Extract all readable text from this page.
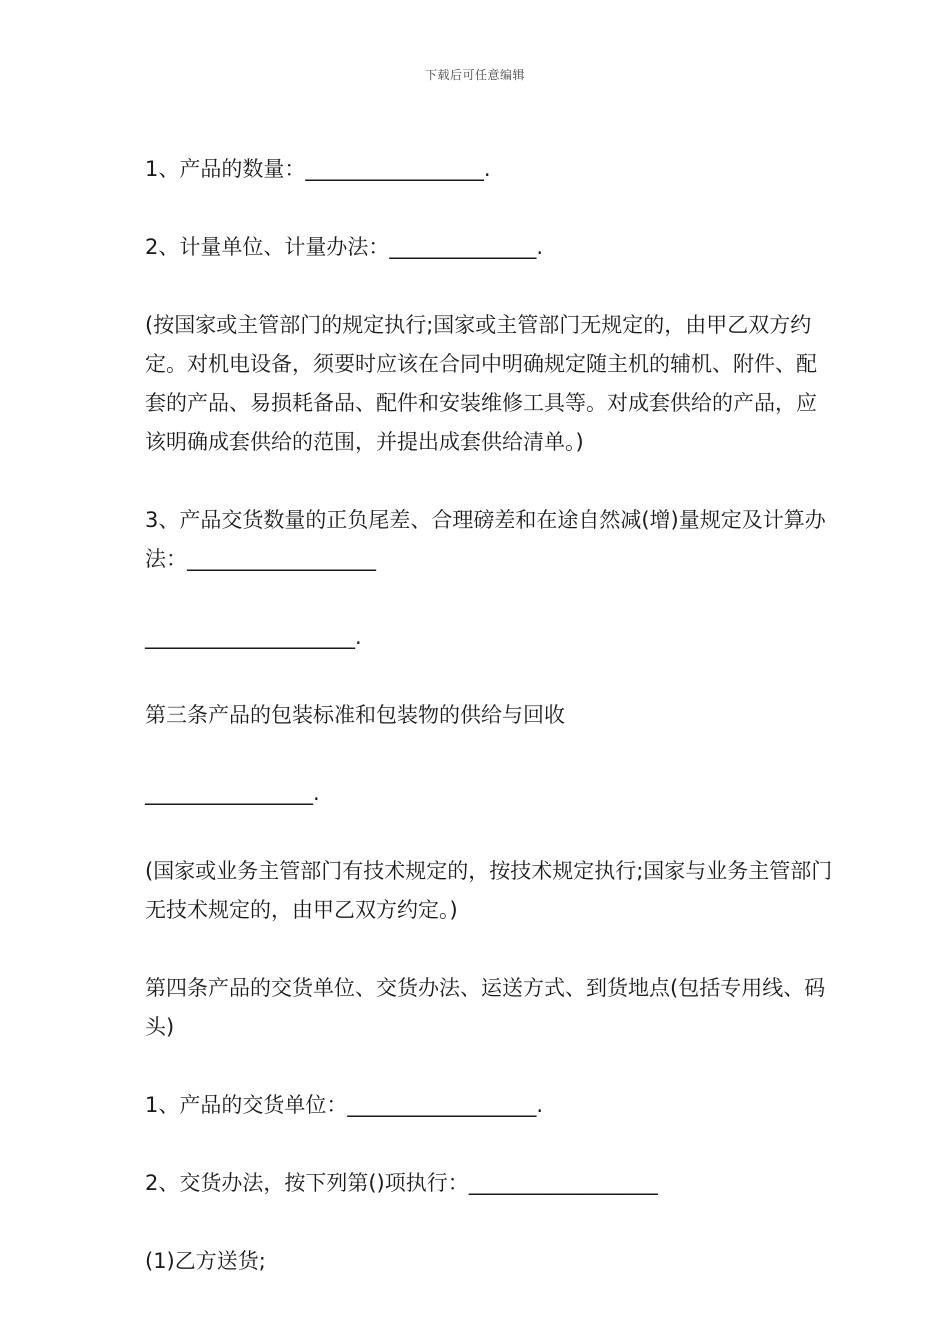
下载后可任意编辑

1、产品的数量：_________________.

2、计量单位、计量办法：______________.

(按国家或主管部门的规定执行;国家或主管部门无规定的，由甲乙双方约定。对机电设备，须要时应该在合同中明确规定随主机的辅机、附件、配套的产品、易损耗备品、配件和安装维修工具等。对成套供给的产品，应该明确成套供给的范围，并提出成套供给清单。)

3、产品交货数量的正负尾差、合理磅差和在途自然减(增)量规定及计算办法：__________________

____________________.

第三条产品的包装标准和包装物的供给与回收

________________.

(国家或业务主管部门有技术规定的，按技术规定执行;国家与业务主管部门无技术规定的，由甲乙双方约定。)

第四条产品的交货单位、交货办法、运送方式、到货地点(包括专用线、码头)

1、产品的交货单位：__________________.

2、交货办法，按下列第()项执行：__________________

(1)乙方送货;
